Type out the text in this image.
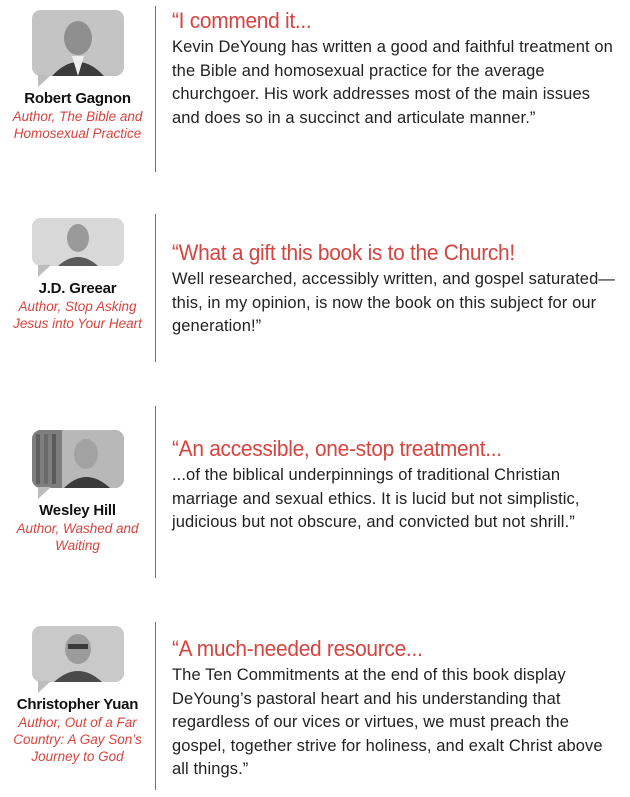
Robert Gagnon
Author, The Bible and Homosexual Practice
“I commend it...
Kevin DeYoung has written a good and faithful treatment on the Bible and homosexual practice for the average churchgoer. His work addresses most of the main issues and does so in a succinct and articulate manner.”
J.D. Greear
Author, Stop Asking Jesus into Your Heart
“What a gift this book is to the Church!
Well researched, accessibly written, and gospel saturated—this, in my opinion, is now the book on this subject for our generation!”
Wesley Hill
Author, Washed and Waiting
“An accessible, one-stop treatment...
...of the biblical underpinnings of traditional Christian marriage and sexual ethics. It is lucid but not simplistic, judicious but not obscure, and convicted but not shrill.”
Christopher Yuan
Author, Out of a Far Country: A Gay Son’s Journey to God
“A much-needed resource...
The Ten Commitments at the end of this book display DeYoung’s pastoral heart and his understanding that regardless of our vices or virtues, we must preach the gospel, together strive for holiness, and exalt Christ above all things.”
